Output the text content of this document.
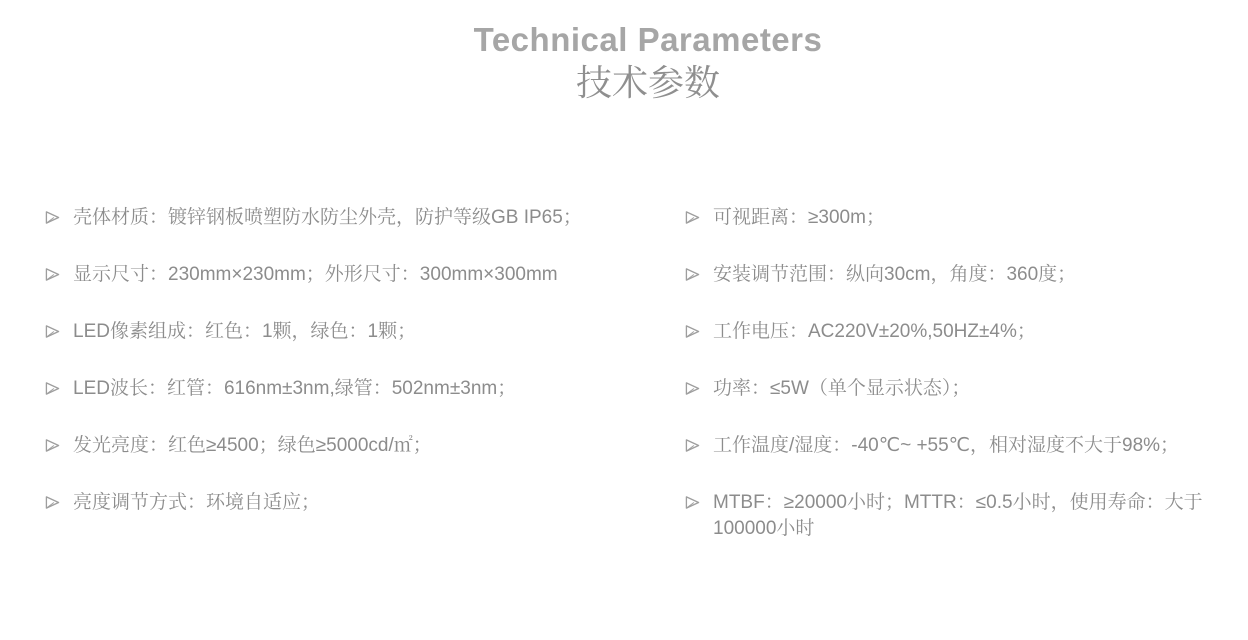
Technical Parameters
技术参数
壳体材质：镀锌钢板喷塑防水防尘外壳，防护等级GB IP65；
显示尺寸：230mm×230mm；外形尺寸：300mm×300mm
LED像素组成：红色：1颗，绿色：1颗；
LED波长：红管：616nm±3nm,绿管：502nm±3nm；
发光亮度：红色≥4500；绿色≥5000cd/㎡；
亮度调节方式：环境自适应；
可视距离：≥300m；
安装调节范围：纵向30cm，角度：360度；
工作电压：AC220V±20%,50HZ±4%；
功率：≤5W（单个显示状态）；
工作温度/湿度：-40℃~ +55℃，相对湿度不大于98%；
MTBF：≥20000小时；MTTR：≤0.5小时，使用寿命：大于100000小时
